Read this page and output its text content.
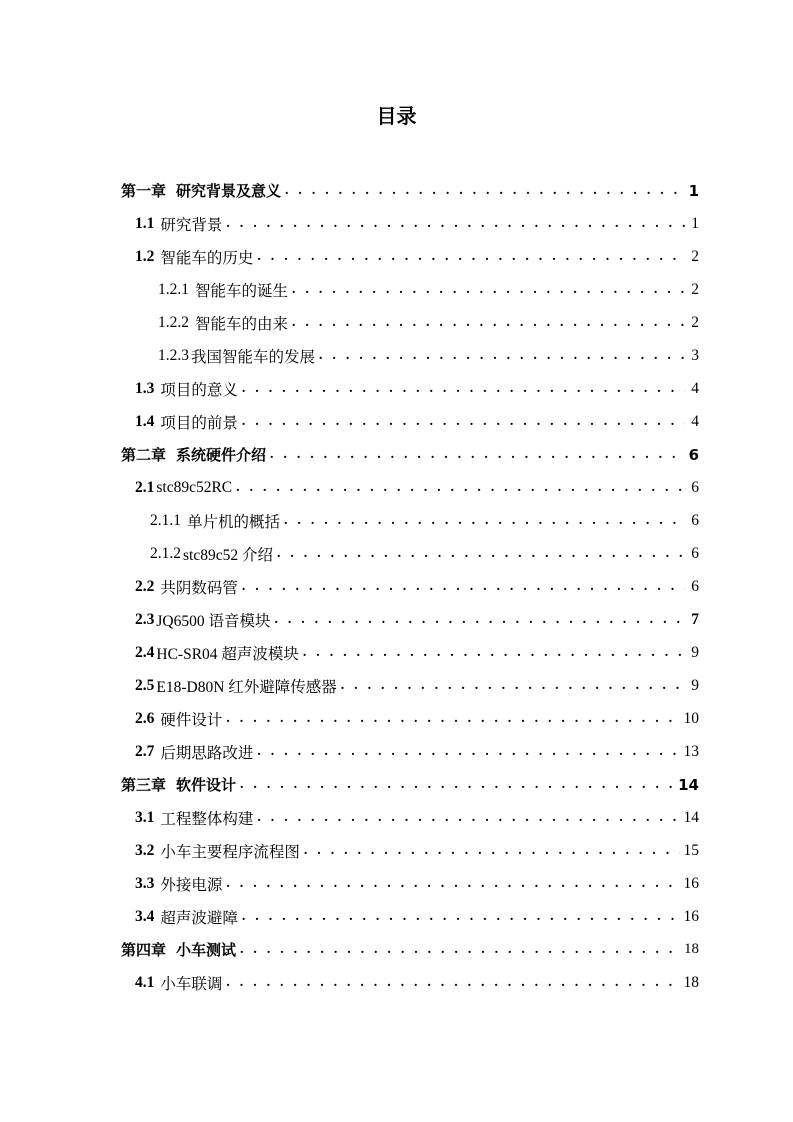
目录
第一章 研究背景及意义 . . .	1
1.1 研究背景 . . .	1
1.2 智能车的历史 . . .	2
1.2.1 智能车的诞生 . . .	2
1.2.2 智能车的由来 . . .	2
1.2.3 我国智能车的发展 . . .	3
1.3 项目的意义 . . .	4
1.4 项目的前景 . . .	4
第二章 系统硬件介绍 . . .	6
2.1 stc89c52RC . . .	6
2.1.1 单片机的概括 . . .	6
2.1.2 stc89c52 介绍 . . .	6
2.2 共阴数码管 . . .	6
2.3 JQ6500 语音模块 . . .	7
2.4 HC-SR04 超声波模块 . . .	9
2.5 E18-D80N 红外避障传感器 . . .	9
2.6 硬件设计 . . .	10
2.7 后期思路改进 . . .	13
第三章 软件设计 . . .	14
3.1 工程整体构建 . . .	14
3.2 小车主要程序流程图 . . .	15
3.3 外接电源 . . .	16
3.4 超声波避障 . . .	16
第四章 小车测试 . . .	18
4.1 小车联调 . . .	18
